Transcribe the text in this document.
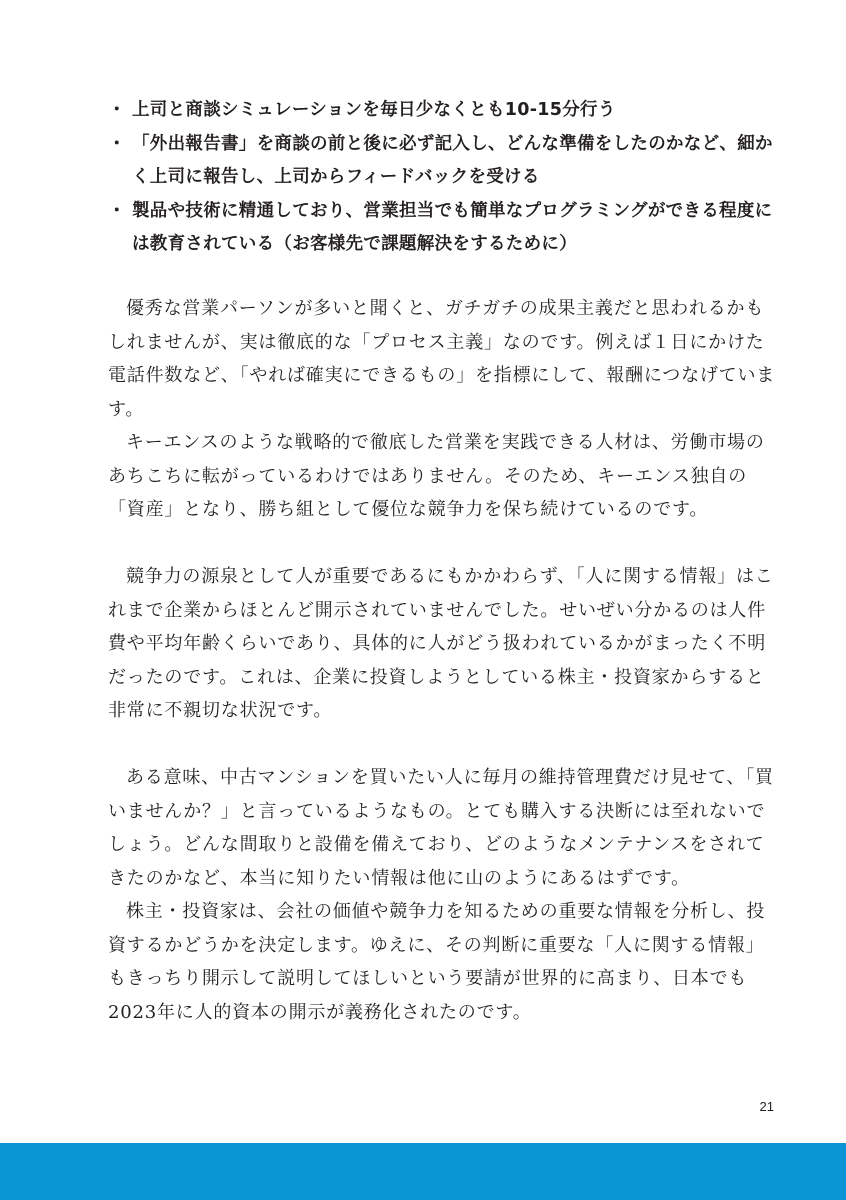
・ 上司と商談シミュレーションを毎日少なくとも10-15分行う

・ 「外出報告書」を商談の前と後に必ず記入し、どんな準備をしたのかなど、細かく上司に報告し、上司からフィードバックを受ける

・ 製品や技術に精通しており、営業担当でも簡単なプログラミングができる程度には教育されている（お客様先で課題解決をするために）

優秀な営業パーソンが多いと聞くと、ガチガチの成果主義だと思われるかもしれませんが、実は徹底的な「プロセス主義」なのです。例えば１日にかけた電話件数など、「やれば確実にできるもの」を指標にして、報酬につなげています。

キーエンスのような戦略的で徹底した営業を実践できる人材は、労働市場のあちこちに転がっているわけではありません。そのため、キーエンス独自の「資産」となり、勝ち組として優位な競争力を保ち続けているのです。

競争力の源泉として人が重要であるにもかかわらず、「人に関する情報」はこれまで企業からほとんど開示されていませんでした。せいぜい分かるのは人件費や平均年齢くらいであり、具体的に人がどう扱われているかがまったく不明だったのです。これは、企業に投資しようとしている株主・投資家からすると非常に不親切な状況です。

ある意味、中古マンションを買いたい人に毎月の維持管理費だけ見せて、「買いませんか？」と言っているようなもの。とても購入する決断には至れないでしょう。どんな間取りと設備を備えており、どのようなメンテナンスをされてきたのかなど、本当に知りたい情報は他に山のようにあるはずです。

株主・投資家は、会社の価値や競争力を知るための重要な情報を分析し、投資するかどうかを決定します。ゆえに、その判断に重要な「人に関する情報」もきっちり開示して説明してほしいという要請が世界的に高まり、日本でも2023年に人的資本の開示が義務化されたのです。

21
